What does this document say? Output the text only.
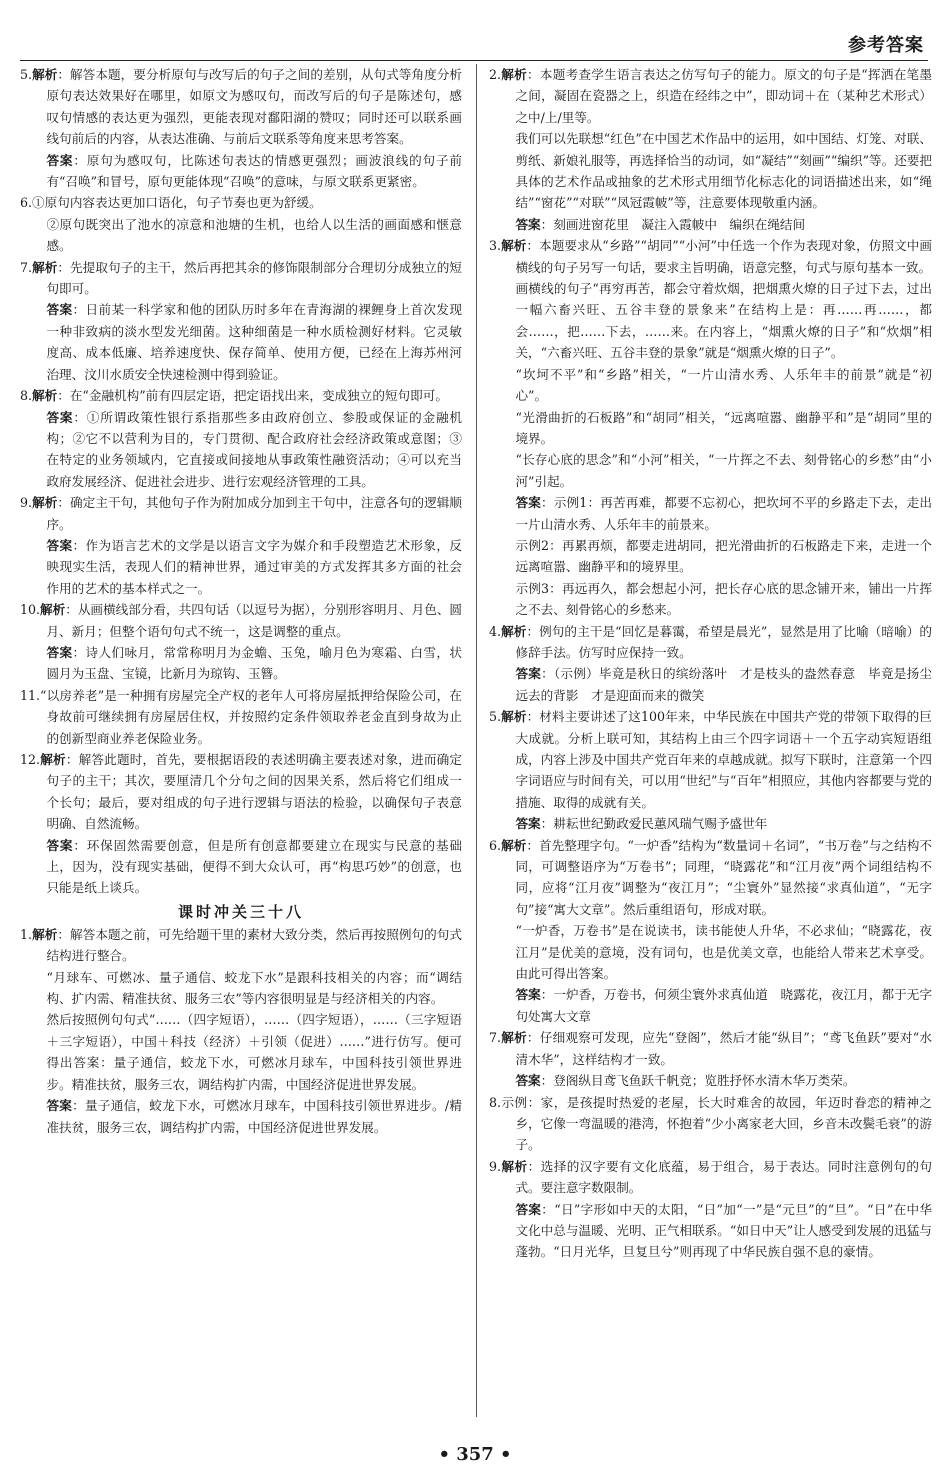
参考答案

5.解析：解答本题，要分析原句与改写后的句子之间的差别，从句式等角度分析原句表达效果好在哪里，如原文为感叹句，而改写后的句子是陈述句，感叹句情感的表达更为强烈，更能表现对鄱阳湖的赞叹；同时还可以联系画线句前后的内容，从表达准确、与前后文联系等角度来思考答案。

答案：原句为感叹句，比陈述句表达的情感更强烈；画波浪线的句子前有“召唤”和冒号，原句更能体现“召唤”的意味，与原文联系更紧密。

6.①原句内容表达更加口语化，句子节奏也更为舒缓。

②原句既突出了池水的凉意和池塘的生机，也给人以生活的画面感和惬意感。

7.解析：先提取句子的主干，然后再把其余的修饰限制部分合理切分成独立的短句即可。

答案：日前某一科学家和他的团队历时多年在青海湖的裸鲤身上首次发现一种非致病的淡水型发光细菌。这种细菌是一种水质检测好材料。它灵敏度高、成本低廉、培养速度快、保存简单、使用方便，已经在上海苏州河治理、汶川水质安全快速检测中得到验证。

8.解析：在“金融机构”前有四层定语，把定语找出来，变成独立的短句即可。

答案：①所谓政策性银行系指那些多由政府创立、参股或保证的金融机构；②它不以营利为目的，专门贯彻、配合政府社会经济政策或意图；③在特定的业务领域内，它直接或间接地从事政策性融资活动；④可以充当政府发展经济、促进社会进步、进行宏观经济管理的工具。

9.解析：确定主干句，其他句子作为附加成分加到主干句中，注意各句的逻辑顺序。

答案：作为语言艺术的文学是以语言文字为媒介和手段塑造艺术形象，反映现实生活，表现人们的精神世界，通过审美的方式发挥其多方面的社会作用的艺术的基本样式之一。

10.解析：从画横线部分看，共四句话（以逗号为据），分别形容明月、月色、圆月、新月；但整个语句句式不统一，这是调整的重点。

答案：诗人们咏月，常常称明月为金蟾、玉兔，喻月色为寒霜、白雪，状圆月为玉盘、宝镜，比新月为琼钩、玉簪。

11.“以房养老”是一种拥有房屋完全产权的老年人可将房屋抵押给保险公司，在身故前可继续拥有房屋居住权，并按照约定条件领取养老金直到身故为止的创新型商业养老保险业务。

12.解析：解答此题时，首先，要根据语段的表述明确主要表述对象，进而确定句子的主干；其次，要厘清几个分句之间的因果关系，然后将它们组成一个长句；最后，要对组成的句子进行逻辑与语法的检验，以确保句子表意明确、自然流畅。

答案：环保固然需要创意，但是所有创意都要建立在现实与民意的基础上，因为，没有现实基础，便得不到大众认可，再“构思巧妙”的创意，也只能是纸上谈兵。

课时冲关三十八

1.解析：解答本题之前，可先给题干里的素材大致分类，然后再按照例句的句式结构进行整合。

“月球车、可燃冰、量子通信、蛟龙下水”是跟科技相关的内容；而“调结构、扩内需、精准扶贫、服务三农”等内容很明显是与经济相关的内容。

然后按照例句句式“……（四字短语），……（四字短语），……（三字短语＋三字短语），中国＋科技（经济）＋引领（促进）……”进行仿写。便可得出答案：量子通信，蛟龙下水，可燃冰月球车，中国科技引领世界进步。精准扶贫，服务三农，调结构扩内需，中国经济促进世界发展。

答案：量子通信，蛟龙下水，可燃冰月球车，中国科技引领世界进步。/精准扶贫，服务三农，调结构扩内需，中国经济促进世界发展。

2.解析：本题考查学生语言表达之仿写句子的能力。原文的句子是“挥洒在笔墨之间，凝固在瓷器之上，织造在经纬之中”，即动词＋在（某种艺术形式）之中/上/里等。

我们可以先联想“红色”在中国艺术作品中的运用，如中国结、灯笼、对联、剪纸、新娘礼服等，再选择恰当的动词，如“凝结”“刻画”“编织”等。还要把具体的艺术作品或抽象的艺术形式用细节化标志化的词语描述出来，如“绳结”“窗花”“对联”“凤冠霞帔”等，注意要体现敬重内涵。

答案：刻画进窗花里　凝注入霞帔中　编织在绳结间

3.解析：本题要求从“乡路”“胡同”“小河”中任选一个作为表现对象，仿照文中画横线的句子另写一句话，要求主旨明确，语意完整，句式与原句基本一致。

画横线的句子“再穷再苦，都会守着炊烟，把烟熏火燎的日子过下去，过出一幅六畜兴旺、五谷丰登的景象来”在结构上是：再……再……，都会……，把……下去，……来。在内容上，“烟熏火燎的日子”和“炊烟”相关，“六畜兴旺、五谷丰登的景象”就是“烟熏火燎的日子”。

“坎坷不平”和“乡路”相关，“一片山清水秀、人乐年丰的前景”就是“初心”。

“光滑曲折的石板路”和“胡同”相关，“远离喧嚣、幽静平和”是“胡同”里的境界。

“长存心底的思念”和“小河”相关，“一片挥之不去、刻骨铭心的乡愁”由“小河”引起。

答案：示例1：再苦再难，都要不忘初心，把坎坷不平的乡路走下去，走出一片山清水秀、人乐年丰的前景来。

示例2：再累再烦，都要走进胡同，把光滑曲折的石板路走下来，走进一个远离喧嚣、幽静平和的境界里。

示例3：再远再久，都会想起小河，把长存心底的思念铺开来，铺出一片挥之不去、刻骨铭心的乡愁来。

4.解析：例句的主干是“回忆是暮霭，希望是晨光”，显然是用了比喻（暗喻）的修辞手法。仿写时应保持一致。

答案：（示例）毕竟是秋日的缤纷落叶　才是枝头的盎然春意　毕竟是扬尘远去的背影　才是迎面而来的微笑

5.解析：材料主要讲述了这100年来，中华民族在中国共产党的带领下取得的巨大成就。分析上联可知，其结构上由三个四字词语＋一个五字动宾短语组成，内容上涉及中国共产党百年来的卓越成就。拟写下联时，注意第一个四字词语应与时间有关，可以用“世纪”与“百年”相照应，其他内容都要与党的措施、取得的成就有关。

答案：耕耘世纪勤政爱民蕙风瑞气赐予盛世年

6.解析：首先整理字句。“一炉香”结构为“数量词＋名词”，“书万卷”与之结构不同，可调整语序为“万卷书”；同理，“晓露花”和“江月夜”两个词组结构不同，应将“江月夜”调整为“夜江月”；“尘寰外”显然接“求真仙道”，“无字句”接“寓大文章”。然后重组语句，形成对联。

“一炉香，万卷书”是在说读书，读书能使人升华，不必求仙；“晓露花，夜江月”是优美的意境，没有词句，也是优美文章，也能给人带来艺术享受。由此可得出答案。

答案：一炉香，万卷书，何须尘寰外求真仙道　晓露花，夜江月，都于无字句处寓大文章

7.解析：仔细观察可发现，应先“登阁”，然后才能“纵目”；“鸢飞鱼跃”要对“水清木华”，这样结构才一致。

答案：登阁纵目鸢飞鱼跃千帆竞；览胜抒怀水清木华万类荣。

8.示例：家，是孩提时热爱的老屋，长大时难舍的故园，年迈时眷恋的精神之乡，它像一弯温暖的港湾，怀抱着“少小离家老大回，乡音未改鬓毛衰”的游子。

9.解析：选择的汉字要有文化底蕴，易于组合，易于表达。同时注意例句的句式。要注意字数限制。

答案：“日”字形如中天的太阳，“日”加“一”是“元旦”的“旦”。“日”在中华文化中总与温暖、光明、正气相联系。“如日中天”让人感受到发展的迅猛与蓬勃。“日月光华，旦复旦兮”则再现了中华民族自强不息的豪情。

• 357 •
